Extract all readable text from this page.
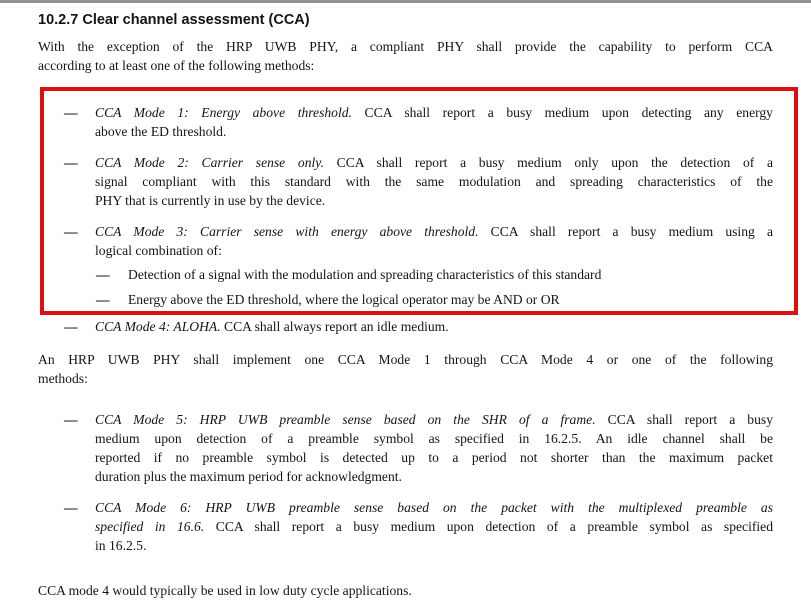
10.2.7 Clear channel assessment (CCA)
With the exception of the HRP UWB PHY, a compliant PHY shall provide the capability to perform CCA
according to at least one of the following methods:
— CCA Mode 1: Energy above threshold. CCA shall report a busy medium upon detecting any energy
above the ED threshold.
— CCA Mode 2: Carrier sense only. CCA shall report a busy medium only upon the detection of a
signal compliant with this standard with the same modulation and spreading characteristics of the
PHY that is currently in use by the device.
— CCA Mode 3: Carrier sense with energy above threshold. CCA shall report a busy medium using a
logical combination of:
— Detection of a signal with the modulation and spreading characteristics of this standard
— Energy above the ED threshold, where the logical operator may be AND or OR
— CCA Mode 4: ALOHA. CCA shall always report an idle medium.
An HRP UWB PHY shall implement one CCA Mode 1 through CCA Mode 4 or one of the following
methods:
— CCA Mode 5: HRP UWB preamble sense based on the SHR of a frame. CCA shall report a busy
medium upon detection of a preamble symbol as specified in 16.2.5. An idle channel shall be
reported if no preamble symbol is detected up to a period not shorter than the maximum packet
duration plus the maximum period for acknowledgment.
— CCA Mode 6: HRP UWB preamble sense based on the packet with the multiplexed preamble as
specified in 16.6. CCA shall report a busy medium upon detection of a preamble symbol as specified
in 16.2.5.
CCA mode 4 would typically be used in low duty cycle applications.
